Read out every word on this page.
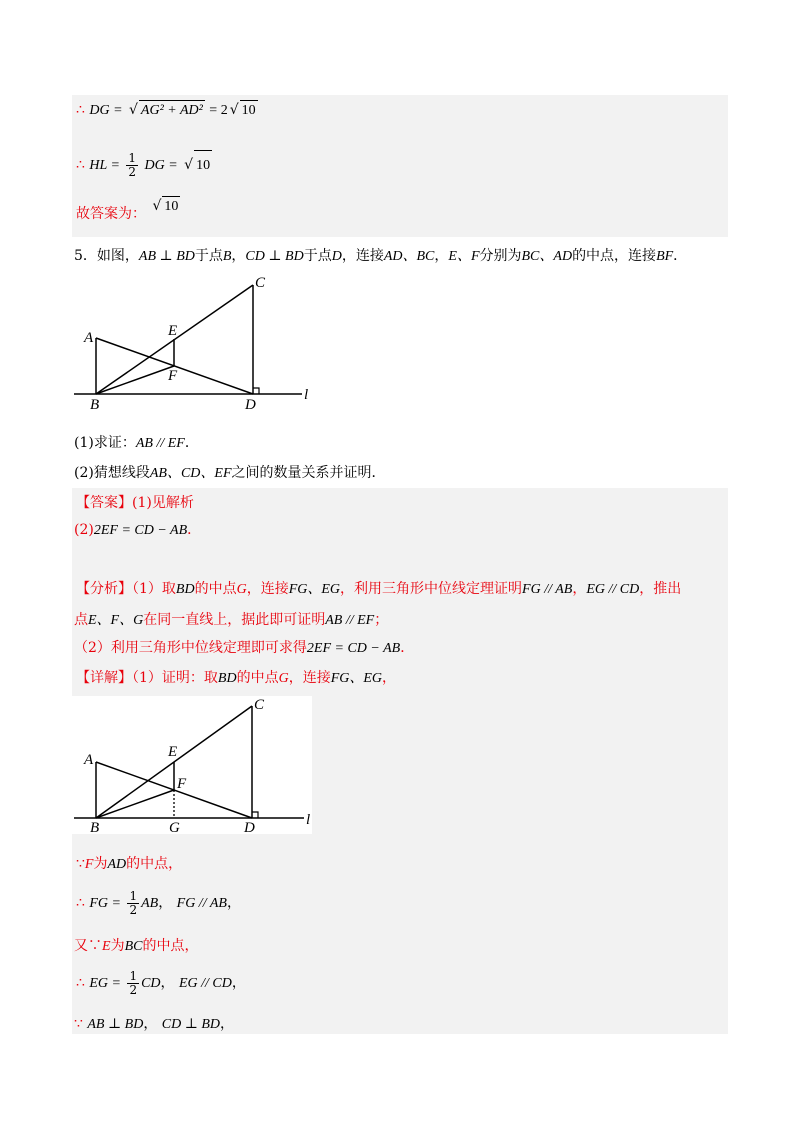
∴ DG = √ AG² + AD² = 2 √ 10
∴ HL = $\frac{1}{2}$ DG = √ 10
故答案为： √ 10
5．如图，AB ⊥ BD于点B，CD ⊥ BD于点D，连接AD、BC，E、F分别为BC、AD的中点，连接BF．
A
B
C
D
E
F
l
(1)求证：AB // EF．
(2)猜想线段AB、CD、EF之间的数量关系并证明．
【答案】(1)见解析
(2)2EF = CD − AB．
【分析】（1）取BD的中点G，连接FG、EG，利用三角形中位线定理证明FG // AB，EG // CD，推出
点E、F、G在同一直线上，据此即可证明AB // EF；
（2）利用三角形中位线定理即可求得2EF = CD − AB．
【详解】（1）证明：取BD的中点G，连接FG、EG，
A
B
C
D
E
F
G	l
∵F为AD的中点，
∴ FG = $\frac{1}{2}$ AB， FG // AB，
又∵E为BC的中点，
∴ EG = $\frac{1}{2}$ CD， EG // CD，
∵ AB ⊥ BD， CD ⊥ BD，
